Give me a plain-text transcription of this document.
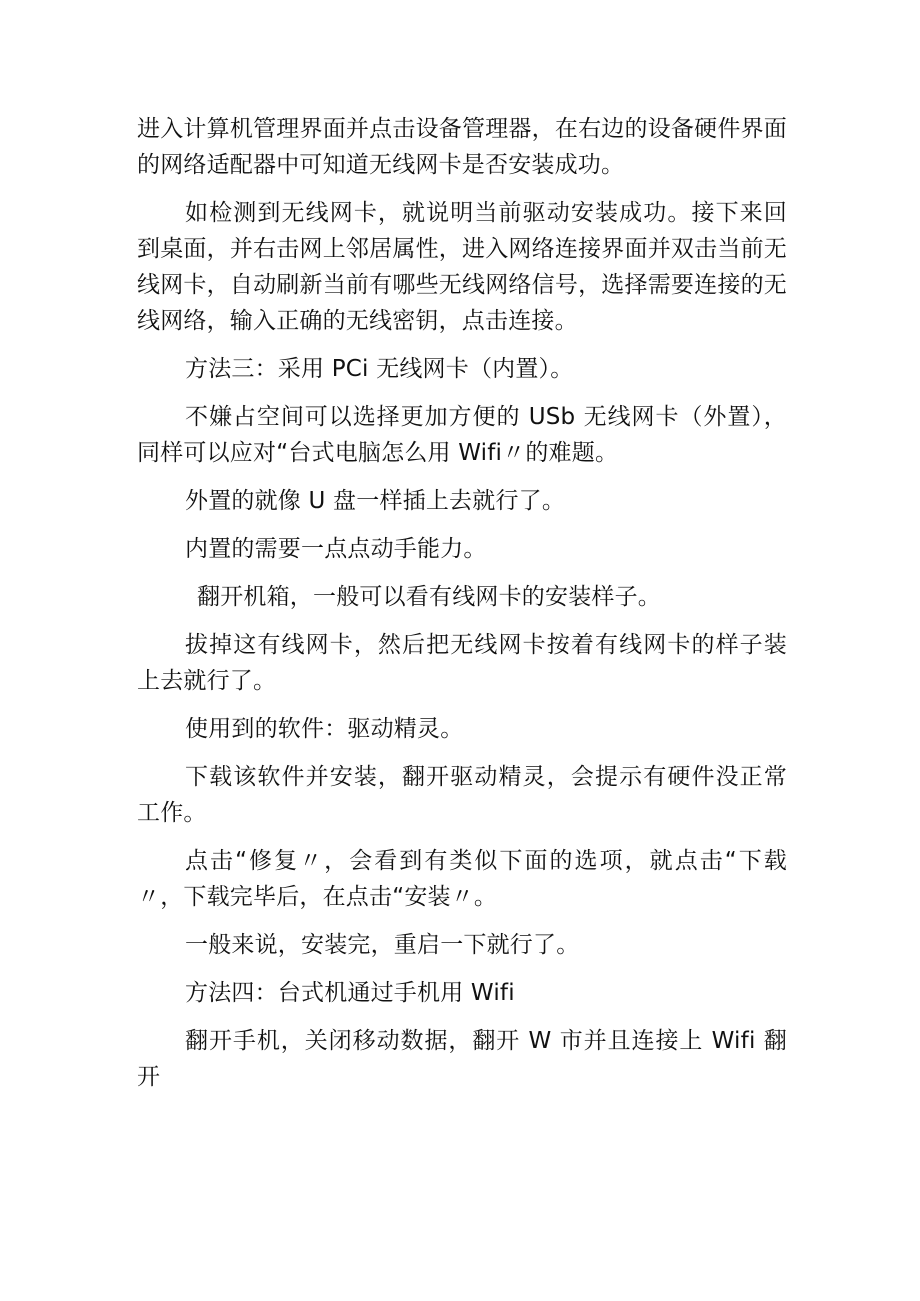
进入计算机管理界面并点击设备管理器，在右边的设备硬件界面的网络适配器中可知道无线网卡是否安装成功。

如检测到无线网卡，就说明当前驱动安装成功。接下来回到桌面，并右击网上邻居属性，进入网络连接界面并双击当前无线网卡，自动刷新当前有哪些无线网络信号，选择需要连接的无线网络，输入正确的无线密钥，点击连接。

方法三：采用 PCi 无线网卡（内置）。

不嫌占空间可以选择更加方便的 USb 无线网卡（外置），同样可以应对“台式电脑怎么用 Wifi〃的难题。

外置的就像 U 盘一样插上去就行了。

内置的需要一点点动手能力。

翻开机箱，一般可以看有线网卡的安装样子。

拔掉这有线网卡，然后把无线网卡按着有线网卡的样子装上去就行了。

使用到的软件：驱动精灵。

下载该软件并安装，翻开驱动精灵，会提示有硬件没正常工作。

点击“修复〃，会看到有类似下面的选项，就点击“下载〃，下载完毕后，在点击“安装〃。

一般来说，安装完，重启一下就行了。

方法四：台式机通过手机用 Wifi

翻开手机，关闭移动数据，翻开 W 市并且连接上 Wifi 翻开
